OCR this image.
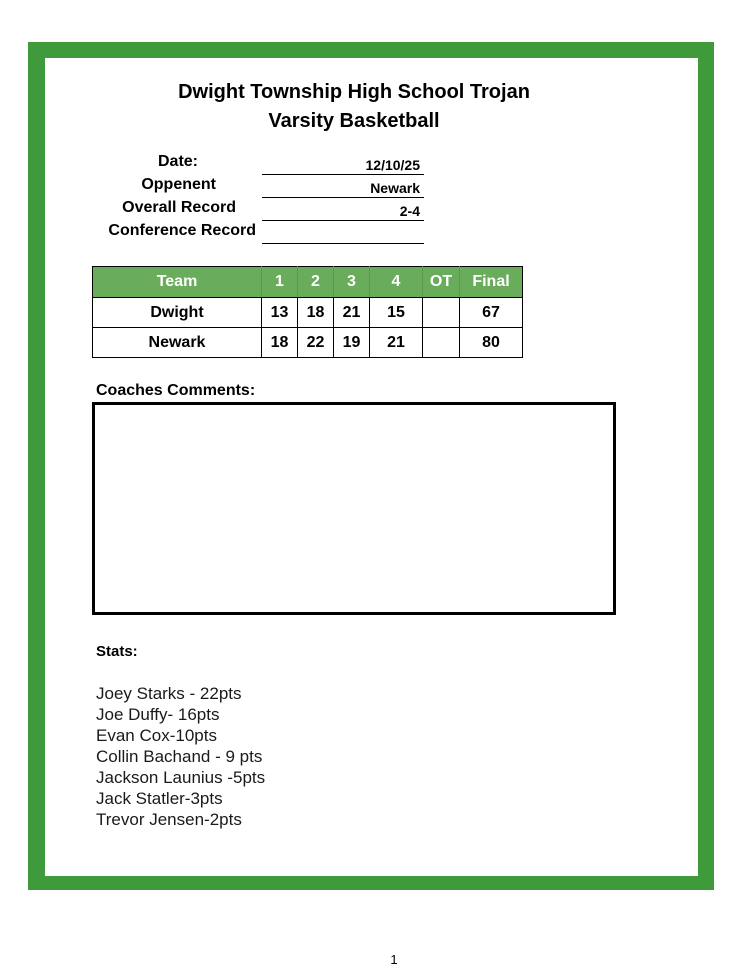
Dwight Township High School Trojan
Varsity Basketball
Date:	12/10/25
Oppenent	Newark
Overall Record	2-4
Conference Record
Team	1	2	3	4	OT	Final
Dwight	13	18	21	15		67
Newark	18	22	19	21		80
Coaches Comments:
Stats:
Joey Starks - 22pts
Joe Duffy- 16pts
Evan Cox-10pts
Collin Bachand - 9 pts
Jackson Launius -5pts
Jack Statler-3pts
Trevor Jensen-2pts
1
